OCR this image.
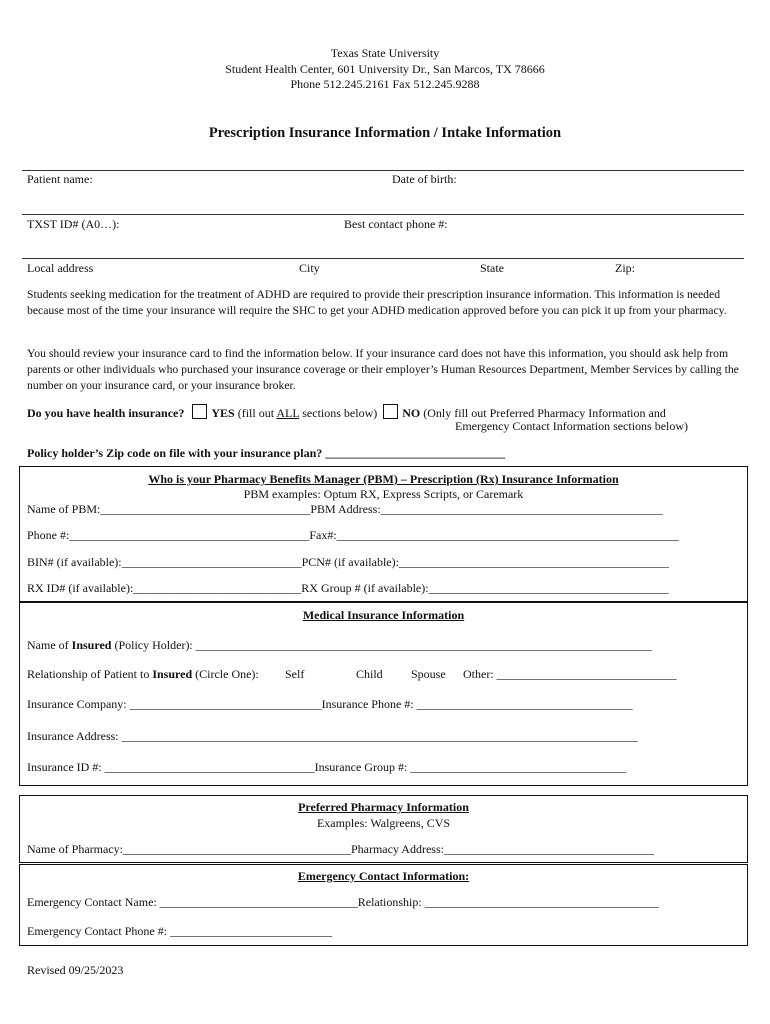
Texas State University
Student Health Center, 601 University Dr., San Marcos, TX 78666
Phone 512.245.2161 Fax 512.245.9288
Prescription Insurance Information / Intake Information
Patient name:	Date of birth:
TXST ID# (A0…):	Best contact phone #:
Local address	City	State	Zip:
Students seeking medication for the treatment of ADHD are required to provide their prescription insurance information. This information is needed because most of the time your insurance will require the SHC to get your ADHD medication approved before you can pick it up from your pharmacy.
You should review your insurance card to find the information below. If your insurance card does not have this information, you should ask help from parents or other individuals who purchased your insurance coverage or their employer’s Human Resources Department, Member Services by calling the number on your insurance card, or your insurance broker.
Do you have health insurance? YES (fill out ALL sections below) NO (Only fill out Preferred Pharmacy Information and
Emergency Contact Information sections below)
Policy holder’s Zip code on file with your insurance plan? ______________________________
Who is your Pharmacy Benefits Manager (PBM) – Prescription (Rx) Insurance Information
PBM examples: Optum RX, Express Scripts, or Caremark
Name of PBM:___________________________________PBM Address:_______________________________________________
Phone #:________________________________________Fax#:_________________________________________________________
BIN# (if available):______________________________PCN# (if available):_____________________________________________
RX ID# (if available):____________________________RX Group # (if available):________________________________________
Medical Insurance Information
Name of Insured (Policy Holder): ____________________________________________________________________________
Relationship of Patient to Insured (Circle One): Self	Child Spouse Other: ______________________________
Insurance Company: ________________________________Insurance Phone #: ____________________________________
Insurance Address: ______________________________________________________________________________________
Insurance ID #: ___________________________________Insurance Group #: ____________________________________
Preferred Pharmacy Information
Examples: Walgreens, CVS
Name of Pharmacy:______________________________________Pharmacy Address:___________________________________
Emergency Contact Information:
Emergency Contact Name: _________________________________Relationship: _______________________________________
Emergency Contact Phone #: ___________________________
Revised 09/25/2023
